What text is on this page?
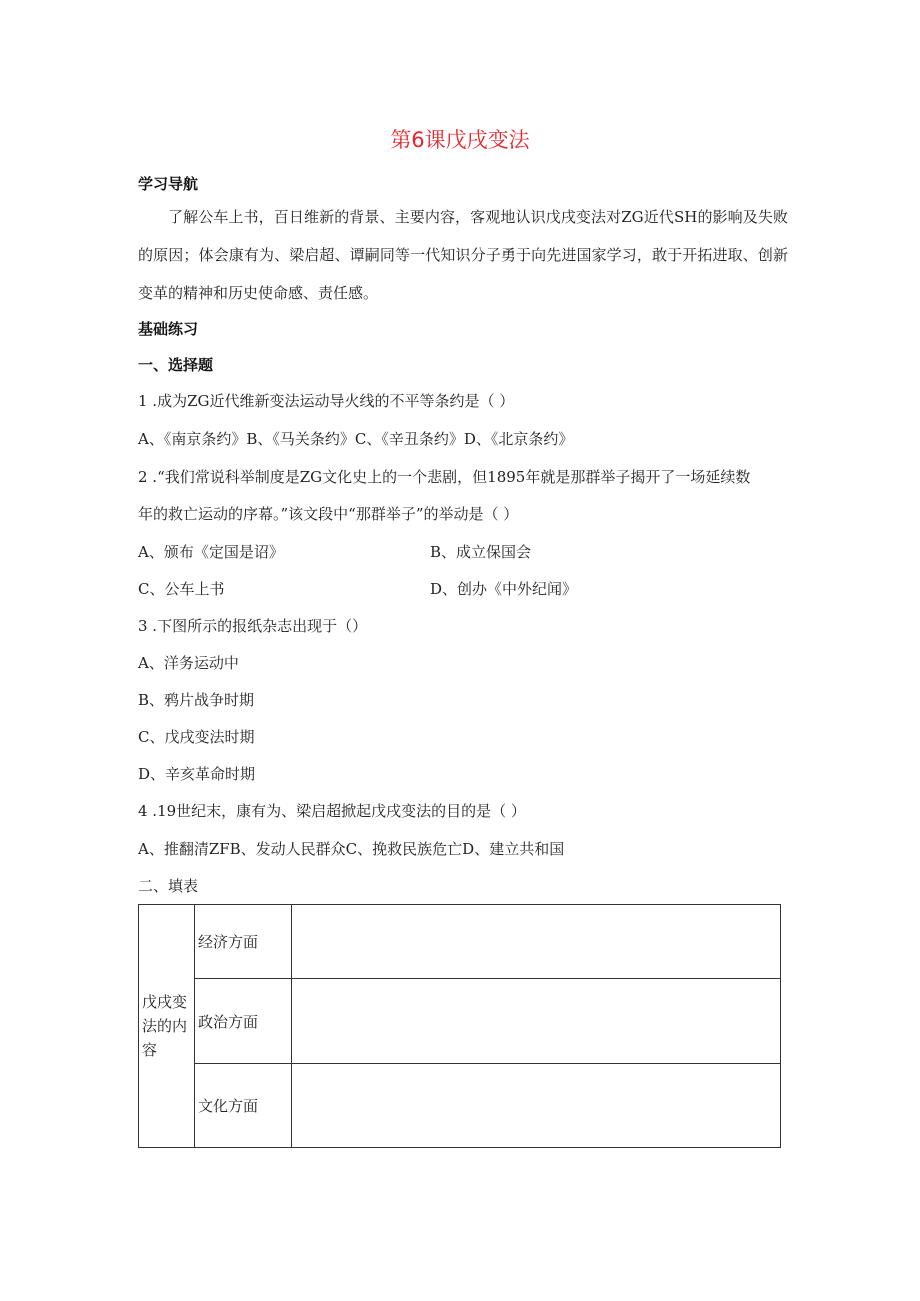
第6课戊戌变法
学习导航
了解公车上书，百日维新的背景、主要内容，客观地认识戊戌变法对ZG近代SH的影响及失败的原因；体会康有为、梁启超、谭嗣同等一代知识分子勇于向先进国家学习，敢于开拓进取、创新变革的精神和历史使命感、责任感。
基础练习
一、选择题
1 .成为ZG近代维新变法运动导火线的不平等条约是（ ）
A、《南京条约》B、《马关条约》C、《辛丑条约》D、《北京条约》
2 .“我们常说科举制度是ZG文化史上的一个悲剧，但1895年就是那群举子揭开了一场延续数
年的救亡运动的序幕。”该文段中“那群举子”的举动是（ ）
A、颁布《定国是诏》	B、成立保国会
C、公车上书	D、创办《中外纪闻》
3 .下图所示的报纸杂志出现于（）
A、洋务运动中
B、鸦片战争时期
C、戊戌变法时期
D、辛亥革命时期
4 .19世纪末，康有为、梁启超掀起戊戌变法的目的是（ ）
A、推翻清ZFB、发动人民群众C、挽救民族危亡D、建立共和国
二、填表
戊戌变法的内容	经济方面	
	政治方面	
	文化方面	
